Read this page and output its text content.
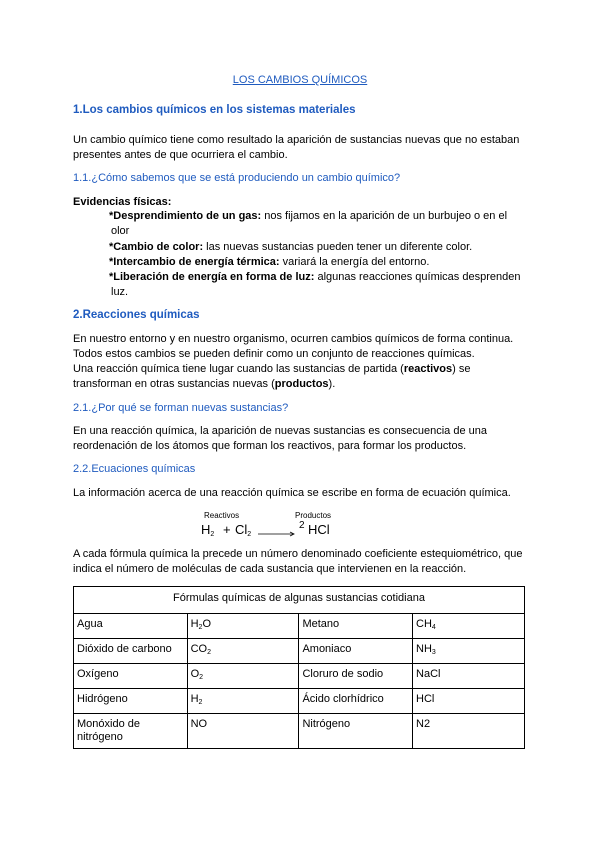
LOS CAMBIOS QUÍMICOS
1.Los cambios químicos en los sistemas materiales
Un cambio químico tiene como resultado la aparición de sustancias nuevas que no estaban
presentes antes de que ocurriera el cambio.
1.1.¿Cómo sabemos que se está produciendo un cambio químico?
Evidencias físicas:
*Desprendimiento de un gas: nos fijamos en la aparición de un burbujeo o en el
olor
*Cambio de color: las nuevas sustancias pueden tener un diferente color.
*Intercambio de energía térmica: variará la energía del entorno.
*Liberación de energía en forma de luz: algunas reacciones químicas desprenden
luz.
2.Reacciones químicas
En nuestro entorno y en nuestro organismo, ocurren cambios químicos de forma continua.
Todos estos cambios se pueden definir como un conjunto de reacciones químicas.
Una reacción química tiene lugar cuando las sustancias de partida (reactivos) se
transforman en otras sustancias nuevas (productos).
2.1.¿Por qué se forman nuevas sustancias?
En una reacción química, la aparición de nuevas sustancias es consecuencia de una
reordenación de los átomos que forman los reactivos, para formar los productos.
2.2.Ecuaciones químicas
La información acerca de una reacción química se escribe en forma de ecuación química.
Reactivos	Productos
$H_2 + Cl_2$ →
2 HCl
A cada fórmula química la precede un número denominado coeficiente estequiométrico, que
indica el número de moléculas de cada sustancia que intervienen en la reacción.
Fórmulas químicas de algunas sustancias cotidiana			
Agua	$H_2O$	Metano	$CH_4$
Dióxido de carbono	$CO_2$	Amoniaco	$NH_3$
Oxígeno	$O_2$	Cloruro de sodio	NaCl
Hidrógeno	$H_2$	Ácido clorhídrico	HCl
Monóxido de nitrógeno	NO	Nitrógeno	N2
